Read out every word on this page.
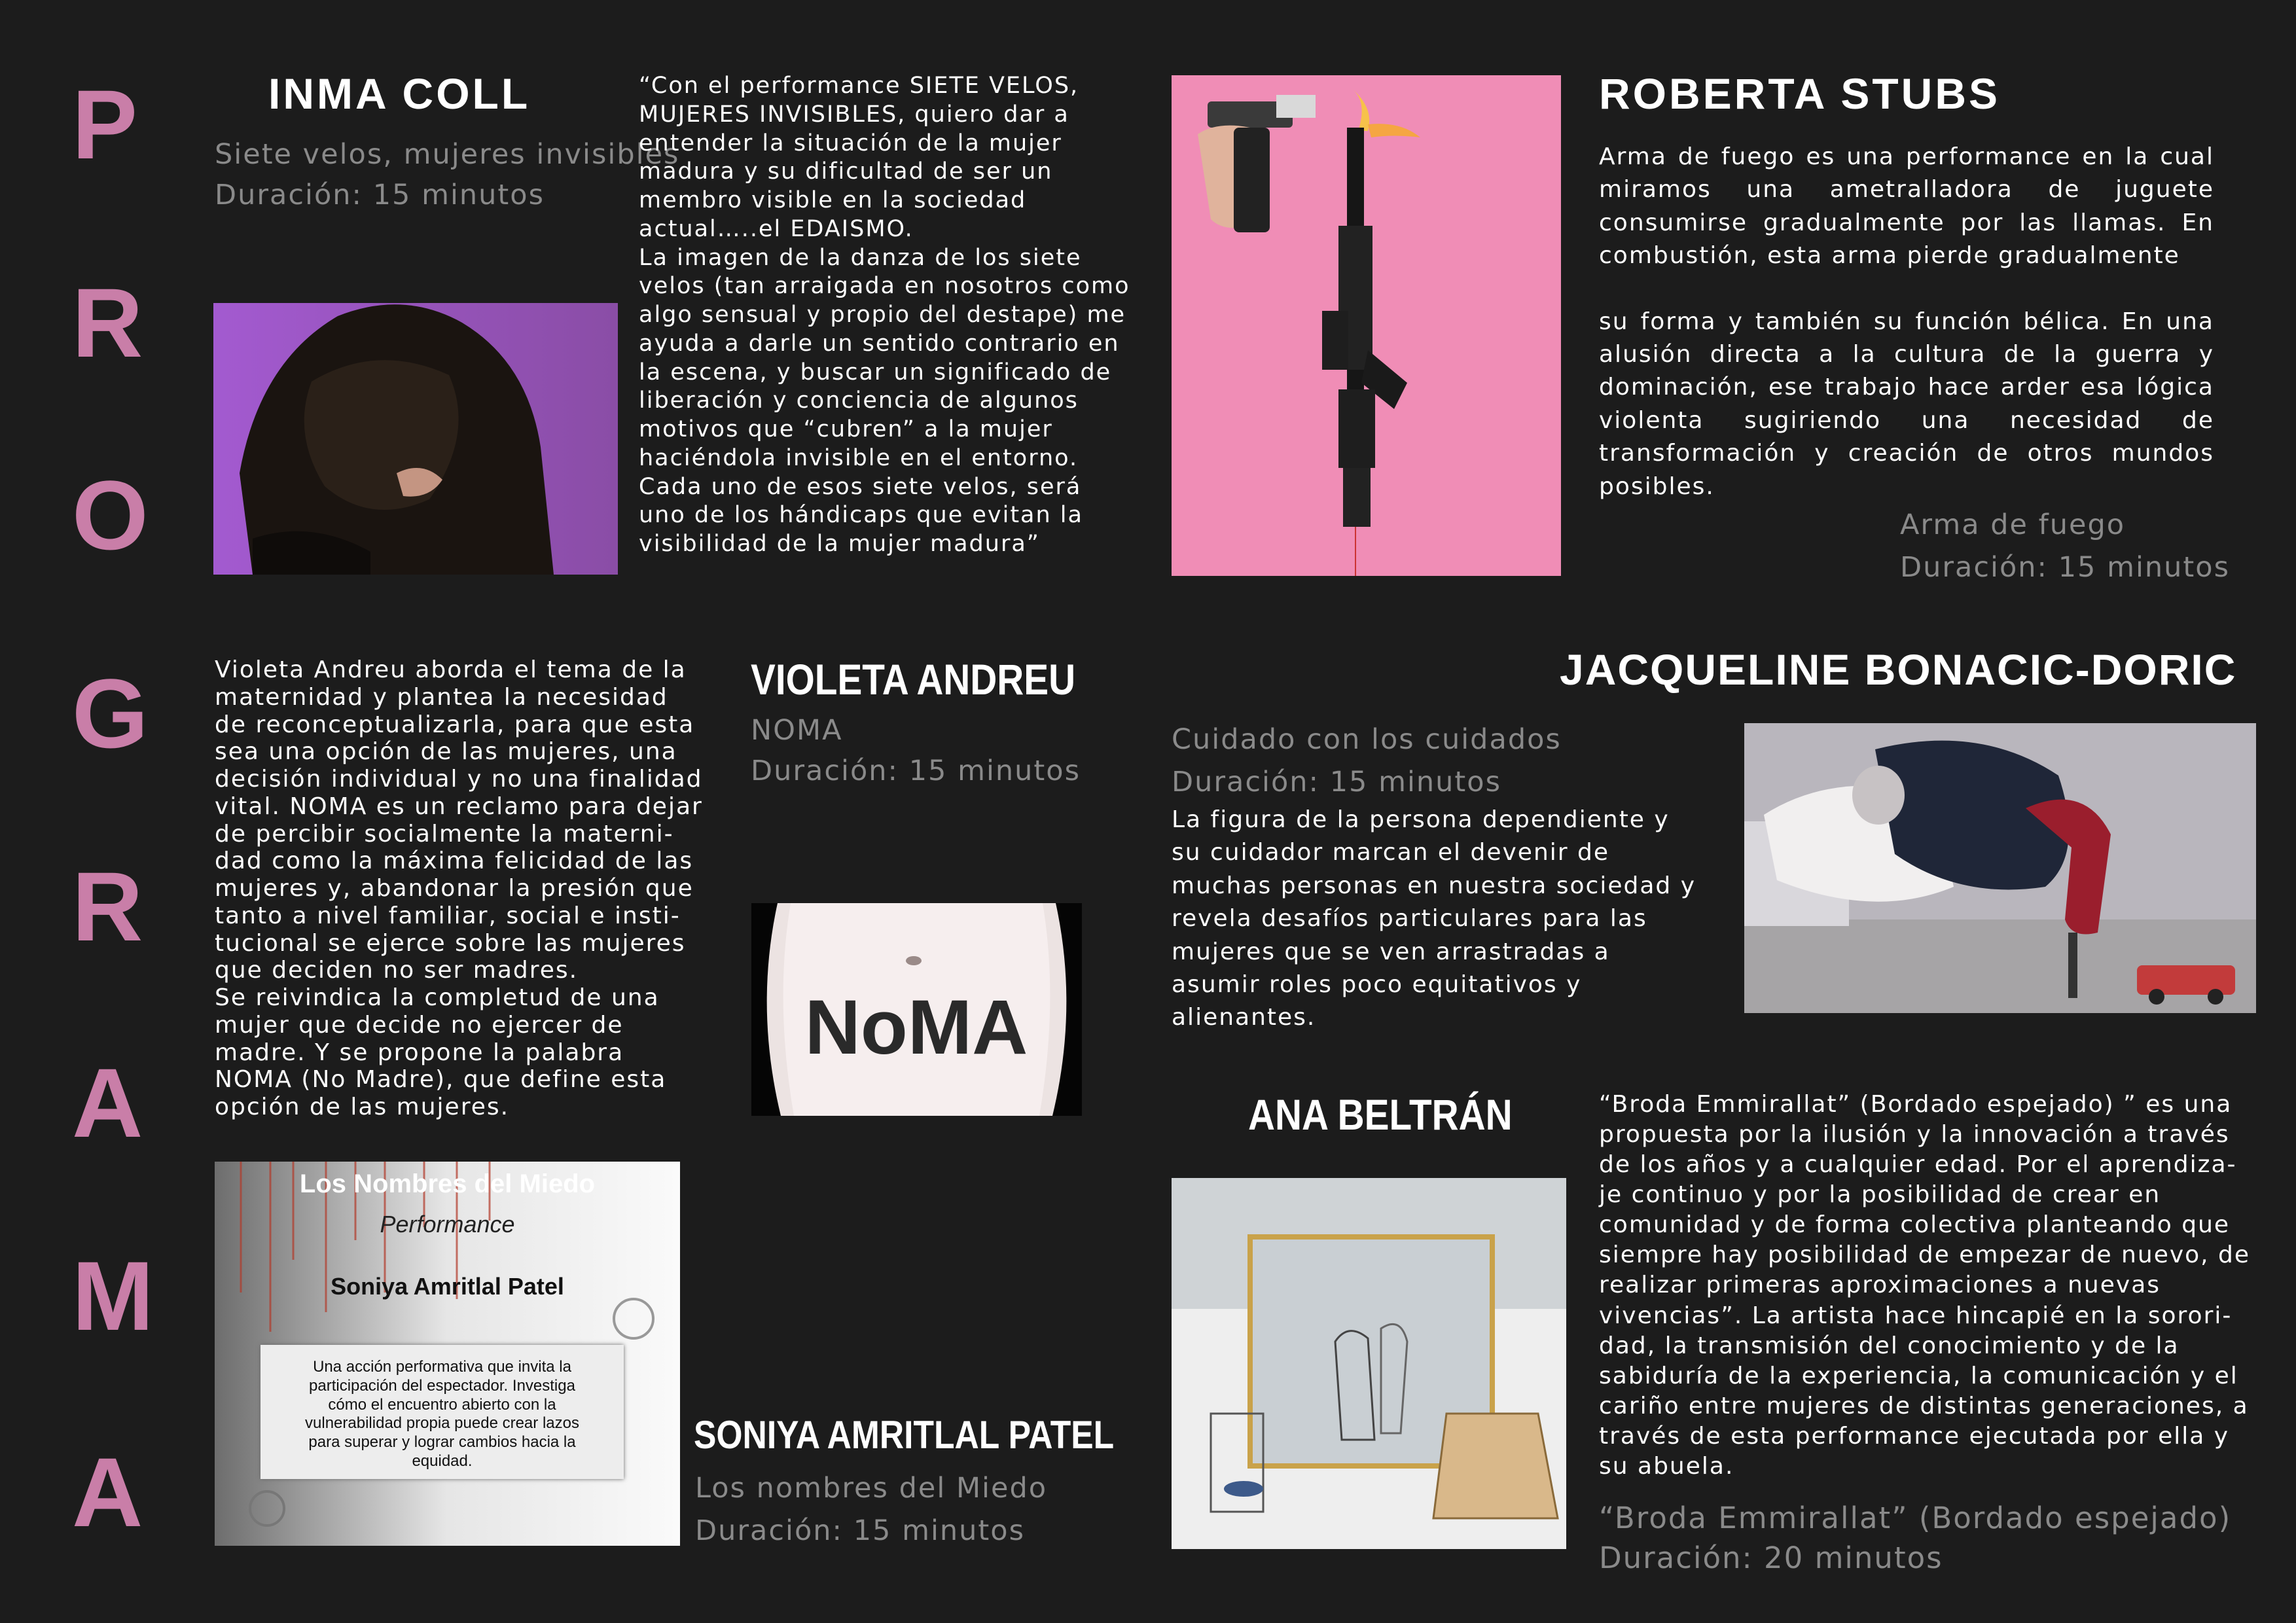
P
R
O
G
R
A
M
A
INMA COLL
Siete velos, mujeres invisibles
Duración: 15 minutos

“Con el performance SIETE VELOS, MUJERES INVISIBLES, quiero dar a entender la situación de la mujer madura y su dificultad de ser un membro visible en la sociedad actual…..el EDAISMO.

La imagen de la danza de los siete velos (tan arraigada en nosotros como algo sensual y propio del destape) me ayuda a darle un sentido contrario en la escena, y buscar un significado de liberación y conciencia de algunos motivos que “cubren” a la mujer haciéndola invisible en el entorno.

Cada uno de esos siete velos, será uno de los hándicaps que evitan la visibilidad de la mujer madura”

ROBERTA STUBS

Arma de fuego es una performance en la cual miramos una ametralladora de juguete consumirse gradualmente por las llamas. En combustión, esta arma pierde gradualmente

su forma y también su función bélica. En una alusión directa a la cultura de la guerra y dominación, ese trabajo hace arder esa lógica violenta sugiriendo una necesidad de transformación y creación de otros mundos posibles.

Arma de fuego
Duración: 15 minutos

Violeta Andreu aborda el tema de la maternidad y plantea la necesidad de reconceptualizarla, para que esta sea una opción de las mujeres, una decisión individual y no una finalidad vital. NOMA es un reclamo para dejar de percibir socialmente la materni-dad como la máxima felicidad de las mujeres y, abandonar la presión que tanto a nivel familiar, social e insti-tucional se ejerce sobre las mujeres que deciden no ser madres.

Se reivindica la completud de una mujer que decide no ejercer de madre. Y se propone la palabra NOMA (No Madre), que define esta opción de las mujeres.

VIOLETA ANDREU
NOMA
Duración: 15 minutos
NoMA
JACQUELINE BONACIC-DORIC
Cuidado con los cuidados
Duración: 15 minutos
La figura de la persona dependiente y su cuidador marcan el devenir de muchas personas en nuestra sociedad y revela desafíos particulares para las mujeres que se ven arrastradas a asumir roles poco equitativos y alienantes.
Los Nombres del Miedo
Performance
Soniya Amritlal Patel
Una acción performativa que invita la participación del espectador. Investiga cómo el encuentro abierto con la vulnerabilidad propia puede crear lazos para superar y lograr cambios hacia la equidad.
SONIYA AMRITLAL PATEL
Los nombres del Miedo
Duración: 15 minutos
ANA BELTRÁN	“Broda Emmirallat” (Bordado espejado) ” es una propuesta por la ilusión y la innovación a través de los años y a cualquier edad. Por el aprendiza-je continuo y por la posibilidad de crear en comunidad y de forma colectiva planteando que siempre hay posibilidad de empezar de nuevo, de realizar primeras aproximaciones a nuevas vivencias”. La artista hace hincapié en la sorori-dad, la transmisión del conocimiento y de la sabiduría de la experiencia, la comunicación y el cariño entre mujeres de distintas generaciones, a través de esta performance ejecutada por ella y su abuela.
“Broda Emmirallat” (Bordado espejado)
Duración: 20 minutos
